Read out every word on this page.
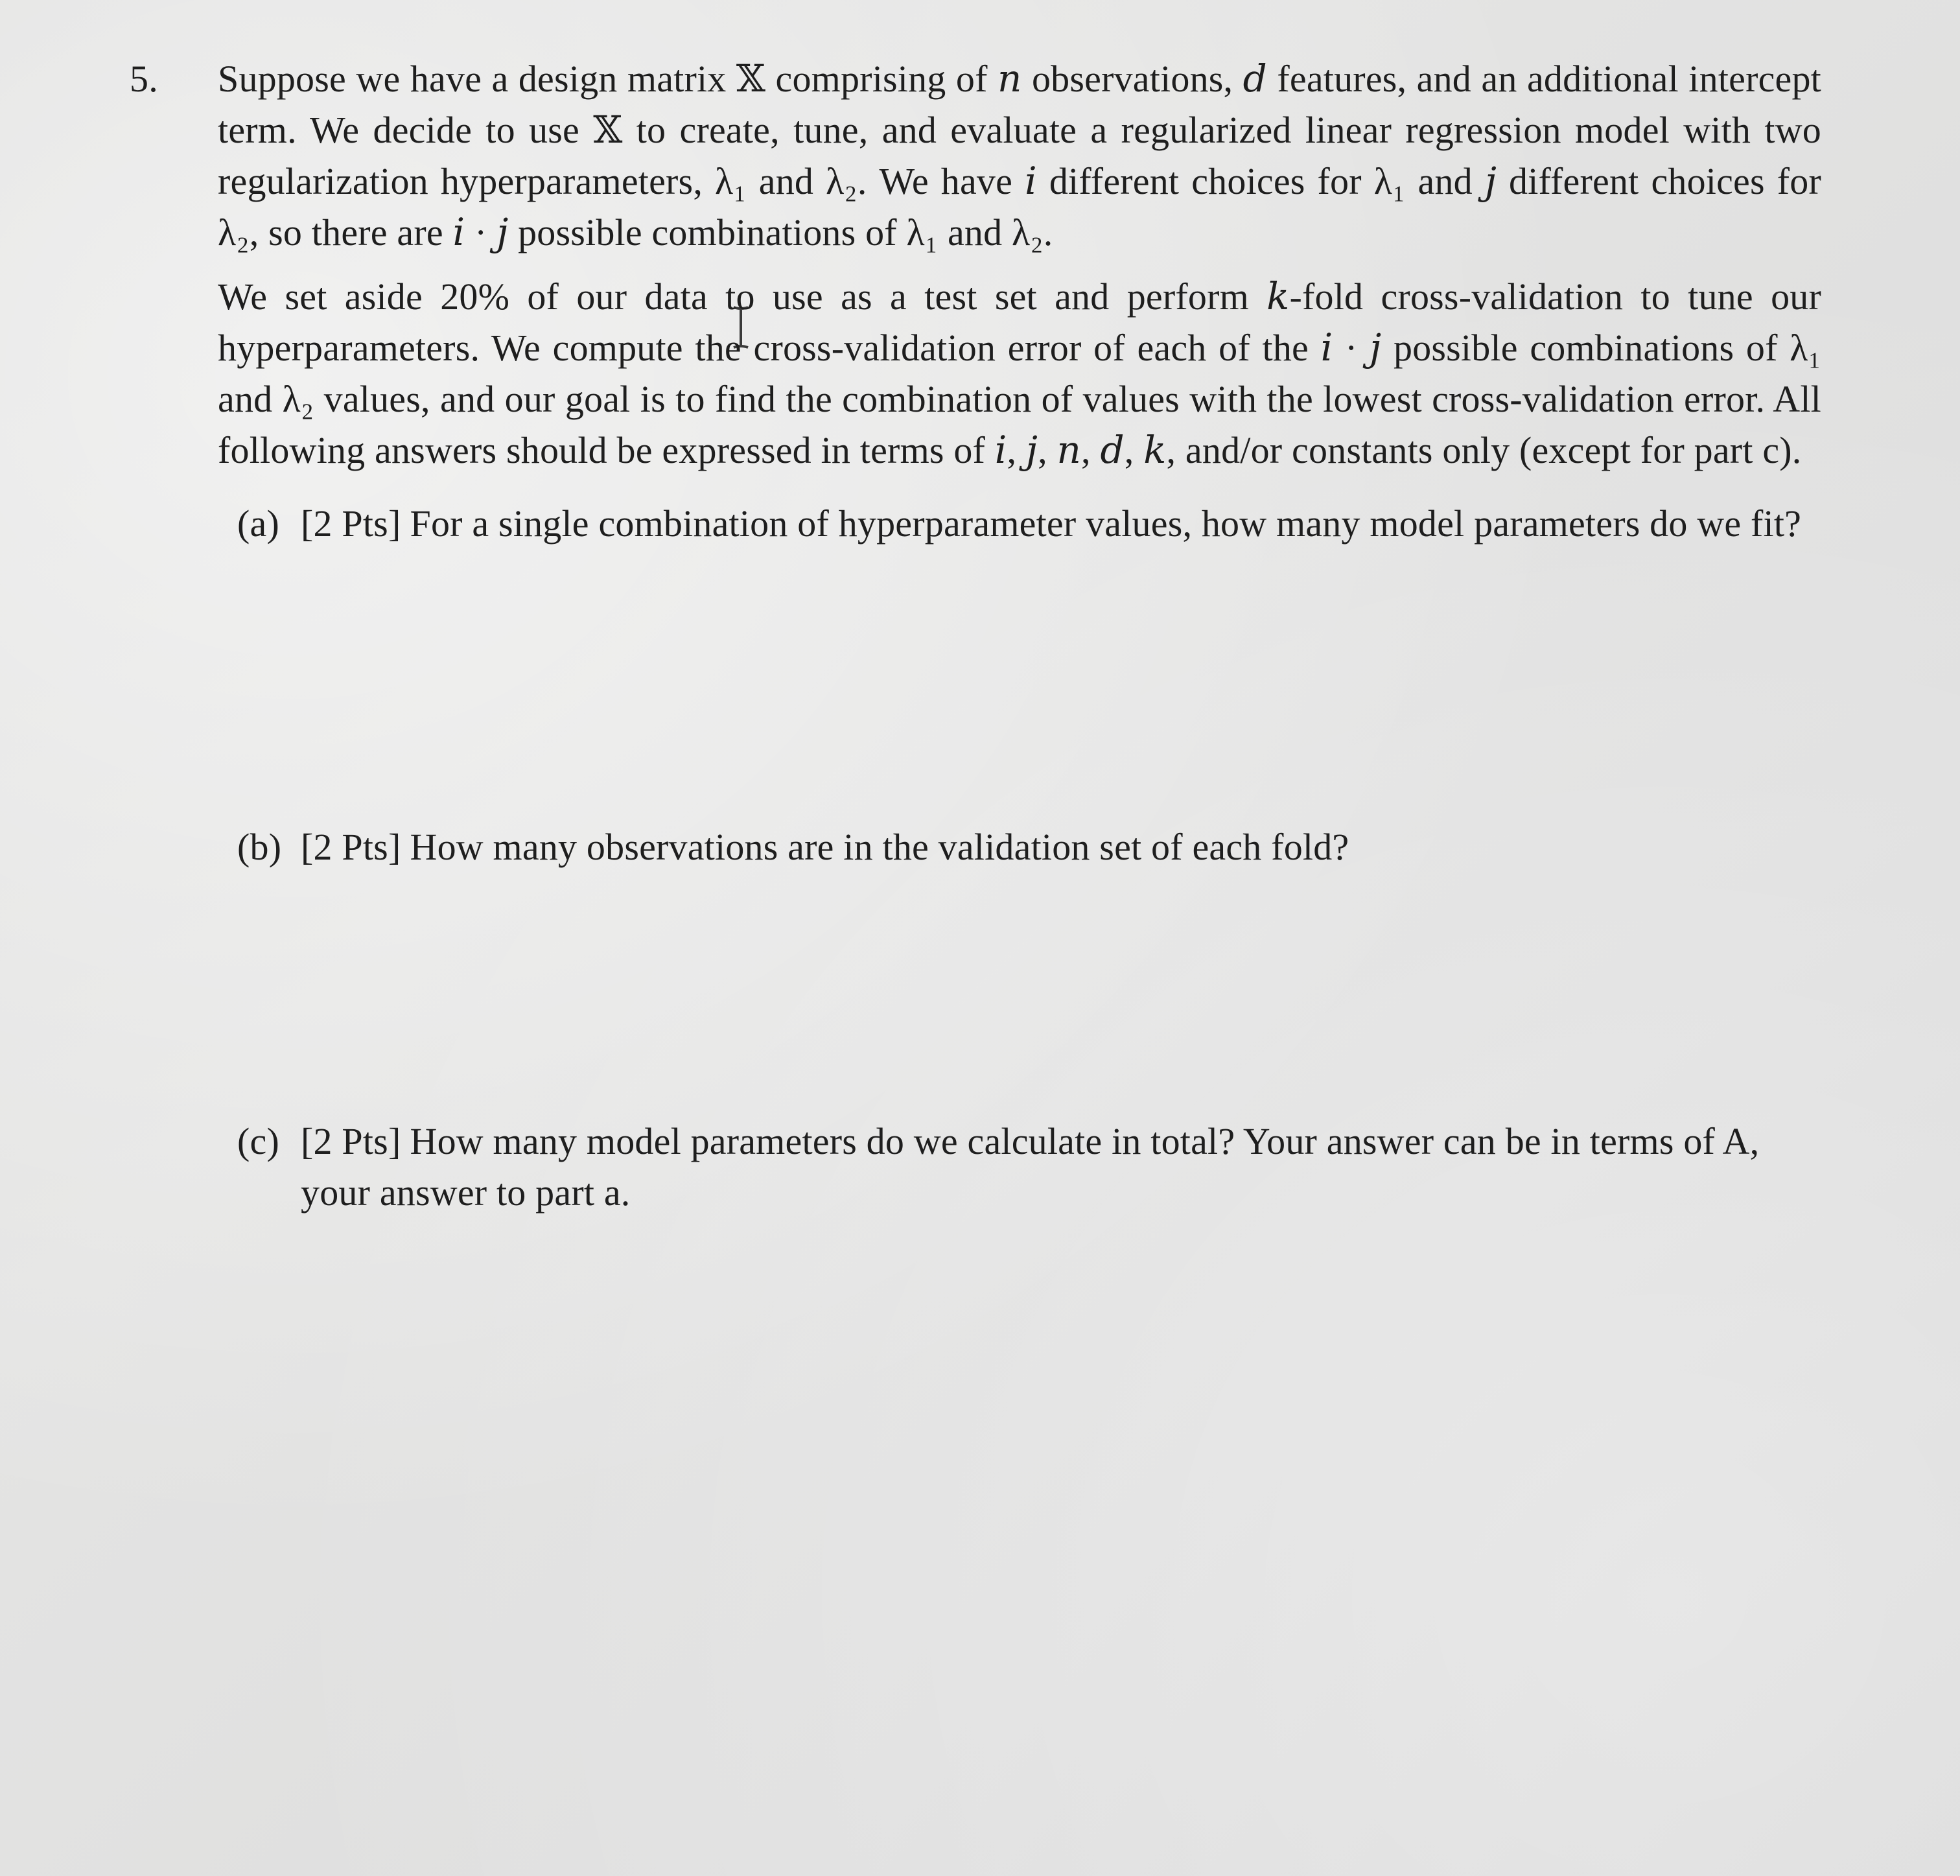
5. Suppose we have a design matrix 𝕏 comprising of 𝑛 observations, 𝑑 features, and an additional intercept term. We decide to use 𝕏 to create, tune, and evaluate a regularized linear regression model with two regularization hyperparameters, λ₁ and λ₂. We have 𝑖 different choices for λ₁ and 𝑗 different choices for λ₂, so there are 𝑖 · 𝑗 possible combinations of λ₁ and λ₂.

We set aside 20% of our data to use as a test set and perform 𝑘-fold cross-validation to tune our hyperparameters. We compute the cross-validation error of each of the 𝑖 · 𝑗 possible combinations of λ₁ and λ₂ values, and our goal is to find the combination of values with the lowest cross-validation error. All following answers should be expressed in terms of 𝑖, 𝑗, 𝑛, 𝑑, 𝑘, and/or constants only (except for part c).

(a) [2 Pts] For a single combination of hyperparameter values, how many model parameters do we fit?
(b) [2 Pts] How many observations are in the validation set of each fold?
(c) [2 Pts] How many model parameters do we calculate in total? Your answer can be in terms of A, your answer to part a.
